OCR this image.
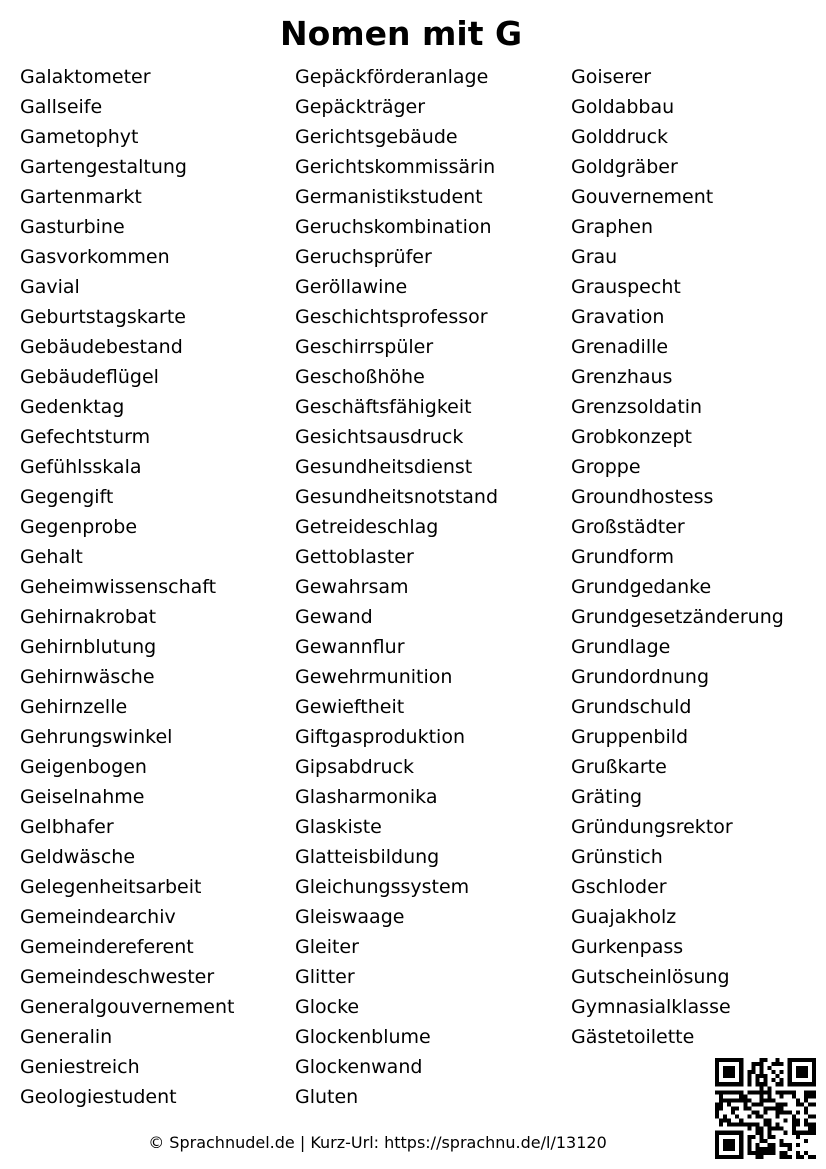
Nomen mit G
Galaktometer
Gallseife
Gametophyt
Gartengestaltung
Gartenmarkt
Gasturbine
Gasvorkommen
Gavial
Geburtstagskarte
Gebäudebestand
Gebäudeflügel
Gedenktag
Gefechtsturm
Gefühlsskala
Gegengift
Gegenprobe
Gehalt
Geheimwissenschaft
Gehirnakrobat
Gehirnblutung
Gehirnwäsche
Gehirnzelle
Gehrungswinkel
Geigenbogen
Geiselnahme
Gelbhafer
Geldwäsche
Gelegenheitsarbeit
Gemeindearchiv
Gemeindereferent
Gemeindeschwester
Generalgouvernement
Generalin
Geniestreich
Geologiestudent
Gepäckförderanlage
Gepäckträger
Gerichtsgebäude
Gerichtskommissärin
Germanistikstudent
Geruchskombination
Geruchsprüfer
Geröllawine
Geschichtsprofessor
Geschirrspüler
Geschoßhöhe
Geschäftsfähigkeit
Gesichtsausdruck
Gesundheitsdienst
Gesundheitsnotstand
Getreideschlag
Gettoblaster
Gewahrsam
Gewand
Gewannflur
Gewehrmunition
Gewieftheit
Giftgasproduktion
Gipsabdruck
Glasharmonika
Glaskiste
Glatteisbildung
Gleichungssystem
Gleiswaage
Gleiter
Glitter
Glocke
Glockenblume
Glockenwand
Gluten
Goiserer
Goldabbau
Golddruck
Goldgräber
Gouvernement
Graphen
Grau
Grauspecht
Gravation
Grenadille
Grenzhaus
Grenzsoldatin
Grobkonzept
Groppe
Groundhostess
Großstädter
Grundform
Grundgedanke
Grundgesetzänderung
Grundlage
Grundordnung
Grundschuld
Gruppenbild
Grußkarte
Gräting
Gründungsrektor
Grünstich
Gschloder
Guajakholz
Gurkenpass
Gutscheinlösung
Gymnasialklasse
Gästetoilette
© Sprachnudel.de | Kurz-Url: https://sprachnu.de/l/13120
